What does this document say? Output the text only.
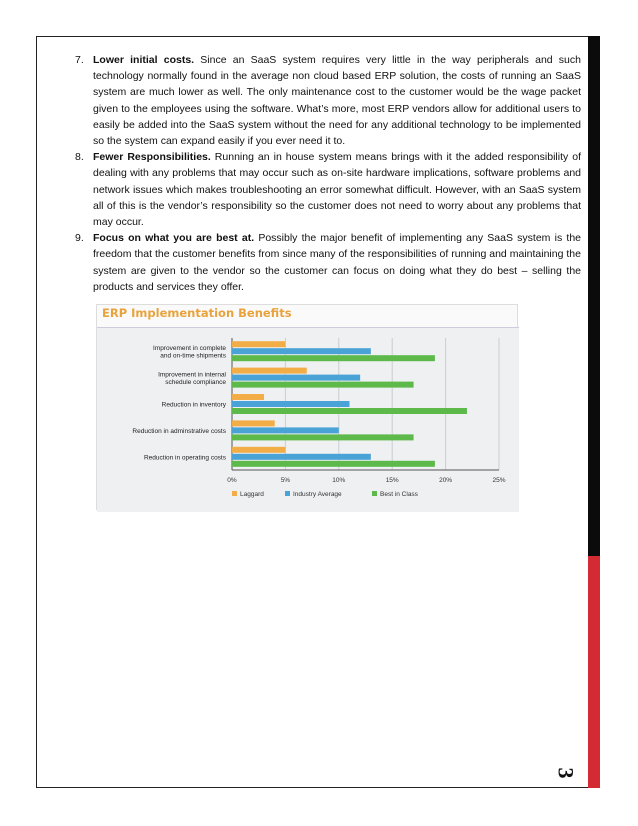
3
7. Lower initial costs. Since an SaaS system requires very little in the way peripherals and such technology normally found in the average non cloud based ERP solution, the costs of running an SaaS system are much lower as well. The only maintenance cost to the customer would be the wage packet given to the employees using the software. What’s more, most ERP vendors allow for additional users to easily be added into the SaaS system without the need for any additional technology to be implemented so the system can expand easily if you ever need it to.
8. Fewer Responsibilities. Running an in house system means brings with it the added responsibility of dealing with any problems that may occur such as on-site hardware implications, software problems and network issues which makes troubleshooting an error somewhat difficult. However, with an SaaS system all of this is the vendor’s responsibility so the customer does not need to worry about any problems that may occur.
9. Focus on what you are best at. Possibly the major benefit of implementing any SaaS system is the freedom that the customer benefits from since many of the responsibilities of running and maintaining the system are given to the vendor so the customer can focus on doing what they do best – selling the products and services they offer.
ERP Implementation Benefits
0%	5%	10%	15%	20%	25%
Improvement in complete
and on-time shipments
Improvement in internal
schedule compliance
Reduction in inventory
Reduction in adminstrative costs
Reduction in operating costs
Laggard	Industry Average	Best in Class
